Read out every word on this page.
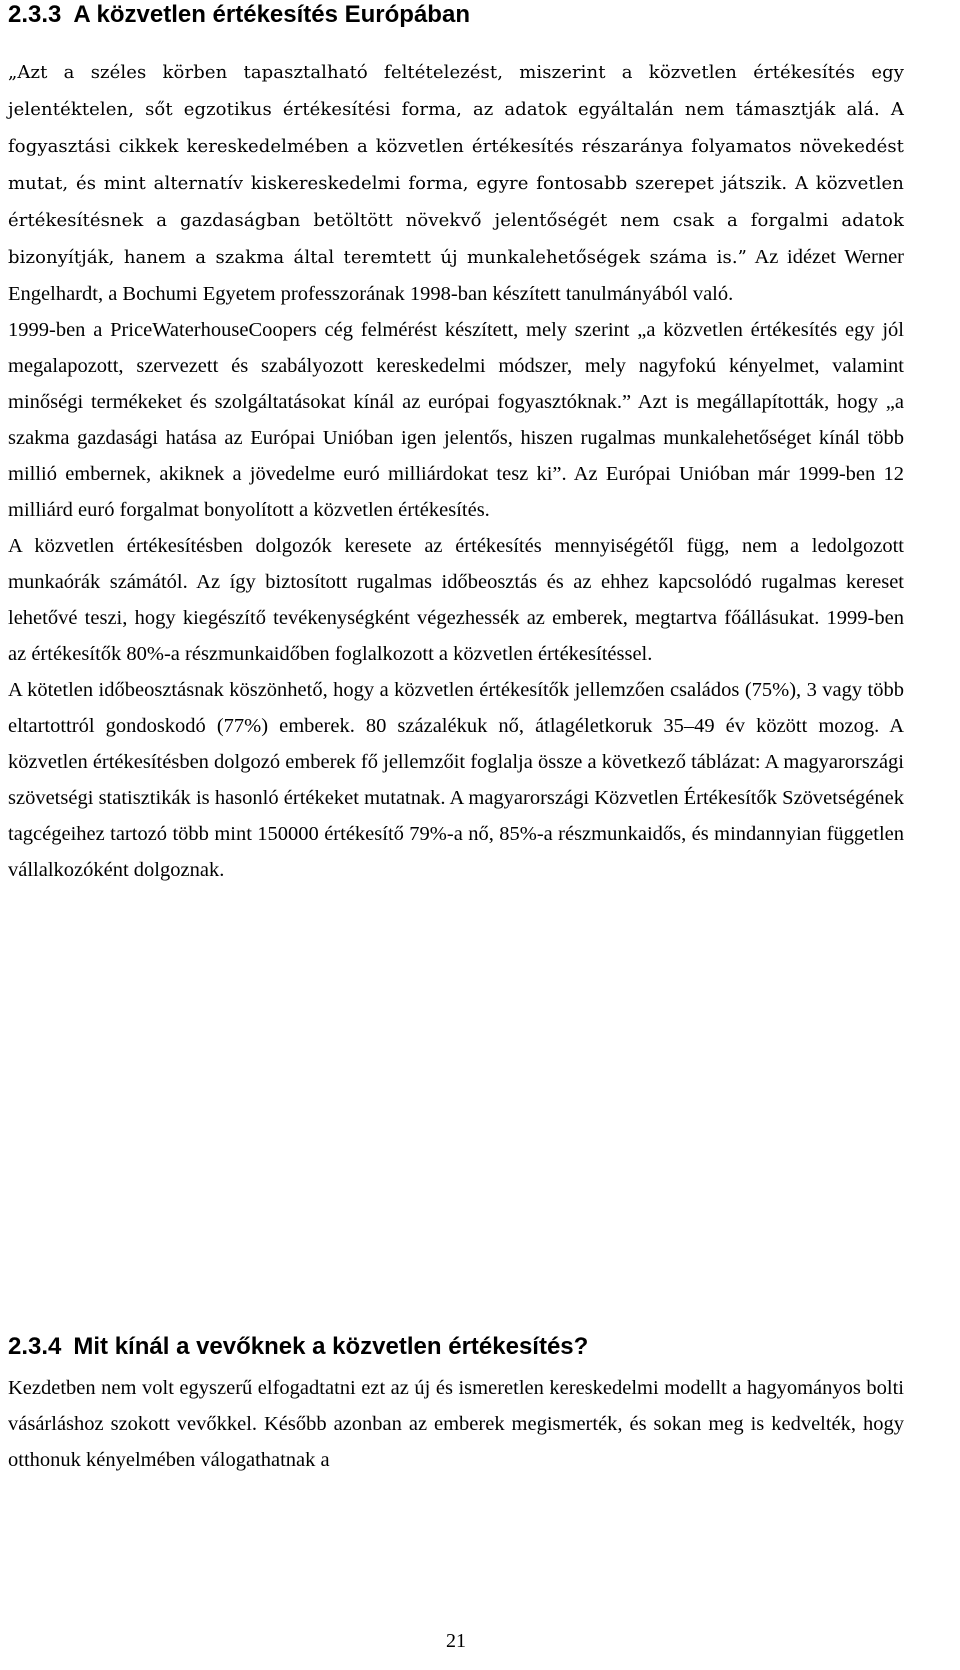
2.3.3 A közvetlen értékesítés Európában

„Azt a széles körben tapasztalható feltételezést, miszerint a közvetlen értékesítés egy jelentéktelen, sőt egzotikus értékesítési forma, az adatok egyáltalán nem támasztják alá. A fogyasztási cikkek kereskedelmében a közvetlen értékesítés részaránya folyamatos növekedést mutat, és mint alternatív kiskereskedelmi forma, egyre fontosabb szerepet játszik. A közvetlen értékesítésnek a gazdaságban betöltött növekvő jelentőségét nem csak a forgalmi adatok bizonyítják, hanem a szakma által teremtett új munkalehetőségek száma is.” Az idézet Werner Engelhardt, a Bochumi Egyetem professzorának 1998-ban készített tanulmányából való.

1999-ben a PriceWaterhouseCoopers cég felmérést készített, mely szerint „a közvetlen értékesítés egy jól megalapozott, szervezett és szabályozott kereskedelmi módszer, mely nagyfokú kényelmet, valamint minőségi termékeket és szolgáltatásokat kínál az európai fogyasztóknak.” Azt is megállapították, hogy „a szakma gazdasági hatása az Európai Unióban igen jelentős, hiszen rugalmas munkalehetőséget kínál több millió embernek, akiknek a jövedelme euró milliárdokat tesz ki”. Az Európai Unióban már 1999-ben 12 milliárd euró forgalmat bonyolított a közvetlen értékesítés.

A közvetlen értékesítésben dolgozók keresete az értékesítés mennyiségétől függ, nem a ledolgozott munkaórák számától. Az így biztosított rugalmas időbeosztás és az ehhez kapcsolódó rugalmas kereset lehetővé teszi, hogy kiegészítő tevékenységként végezhessék az emberek, megtartva főállásukat. 1999-ben az értékesítők 80%-a részmunkaidőben foglalkozott a közvetlen értékesítéssel.

A kötetlen időbeosztásnak köszönhető, hogy a közvetlen értékesítők jellemzően családos (75%), 3 vagy több eltartottról gondoskodó (77%) emberek. 80 százalékuk nő, átlagéletkoruk 35–49 év között mozog. A közvetlen értékesítésben dolgozó emberek fő jellemzőit foglalja össze a következő táblázat: A magyarországi szövetségi statisztikák is hasonló értékeket mutatnak. A magyarországi Közvetlen Értékesítők Szövetségének tagcégeihez tartozó több mint 150000 értékesítő 79%-a nő, 85%-a részmunkaidős, és mindannyian független vállalkozóként dolgoznak.

2.3.4 Mit kínál a vevőknek a közvetlen értékesítés?

Kezdetben nem volt egyszerű elfogadtatni ezt az új és ismeretlen kereskedelmi modellt a hagyományos bolti vásárláshoz szokott vevőkkel. Később azonban az emberek megismerték, és sokan meg is kedvelték, hogy otthonuk kényelmében válogathatnak a

21
